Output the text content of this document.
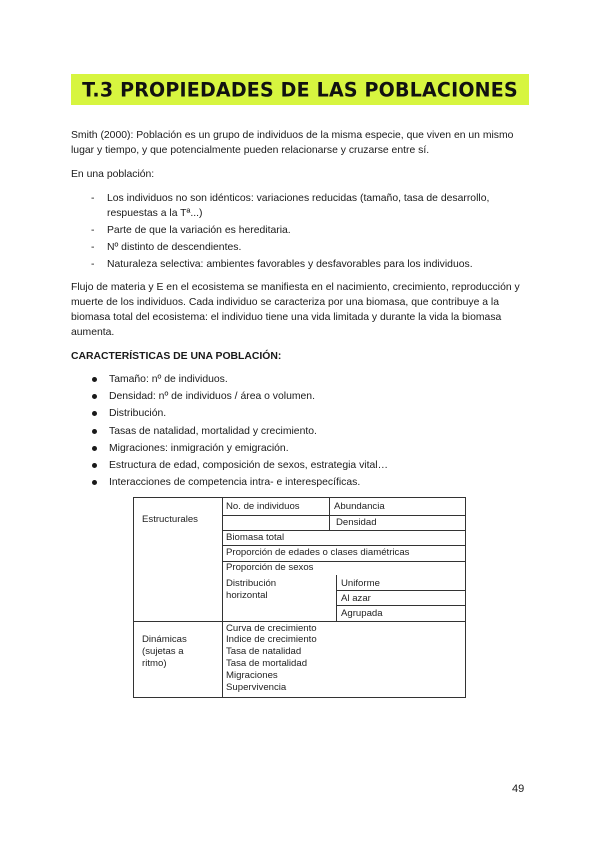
T.3 PROPIEDADES DE LAS POBLACIONES

Smith (2000): Población es un grupo de individuos de la misma especie, que viven en un mismo lugar y tiempo, y que potencialmente pueden relacionarse y cruzarse entre sí.

En una población:

- Los individuos no son idénticos: variaciones reducidas (tamaño, tasa de desarrollo, respuestas a la Tª...)
- Parte de que la variación es hereditaria.
- Nº distinto de descendientes.
- Naturaleza selectiva: ambientes favorables y desfavorables para los individuos.

Flujo de materia y E en el ecosistema se manifiesta en el nacimiento, crecimiento, reproducción y muerte de los individuos. Cada individuo se caracteriza por una biomasa, que contribuye a la biomasa total del ecosistema: el individuo tiene una vida limitada y durante la vida la biomasa aumenta.

CARACTERÍSTICAS DE UNA POBLACIÓN:
Tamaño: nº de individuos.
Densidad: nº de individuos / área o volumen.
Distribución.
Tasas de natalidad, mortalidad y crecimiento.
Migraciones: inmigración y emigración.
Estructura de edad, composición de sexos, estrategia vital…
Interacciones de competencia intra- e interespecíficas.
Estructurales
No. de individuos	Abundancia
Densidad
Biomasa total
Proporción de edades o clases diamétricas
Proporción de sexos
Distribución
horizontal
Uniforme
Al azar
Agrupada
Dinámicas
(sujetas a
ritmo)
Curva de crecimiento
Indice de crecimiento
Tasa de natalidad
Tasa de mortalidad
Migraciones
Supervivencia
49
